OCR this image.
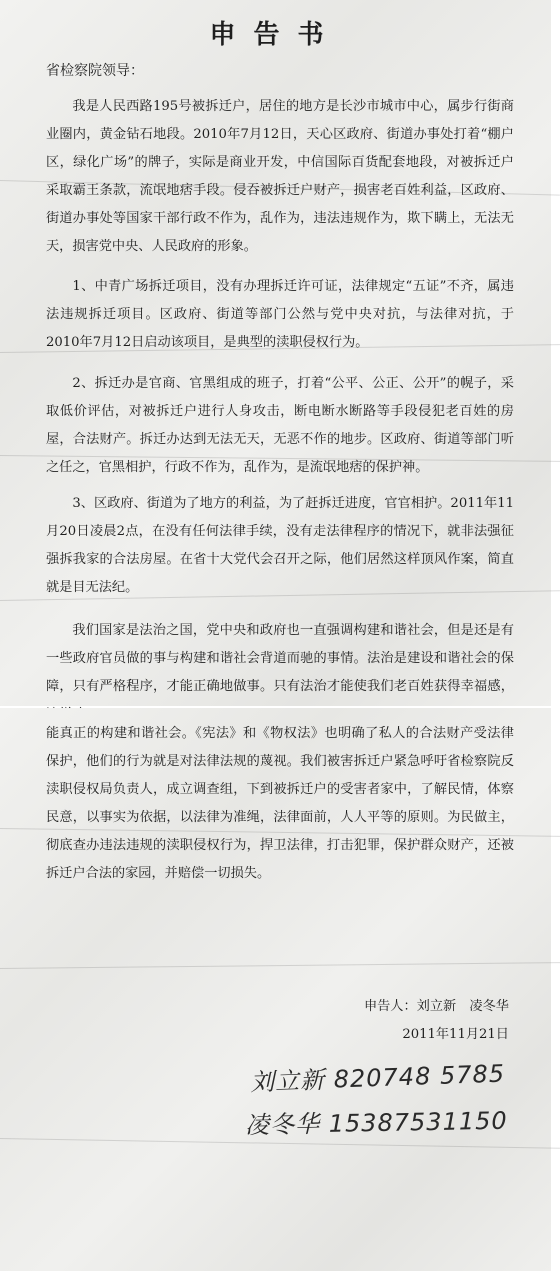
申告书
省检察院领导：

我是人民西路195号被拆迁户，居住的地方是长沙市城市中心，属步行街商业圈内，黄金钻石地段。2010年7月12日，天心区政府、街道办事处打着“棚户区，绿化广场”的牌子，实际是商业开发，中信国际百货配套地段，对被拆迁户采取霸王条款，流氓地痞手段。侵吞被拆迁户财产，损害老百姓利益，区政府、街道办事处等国家干部行政不作为，乱作为，违法违规作为，欺下瞒上，无法无天，损害党中央、人民政府的形象。

1、中青广场拆迁项目，没有办理拆迁许可证，法律规定“五证”不齐，属违法违规拆迁项目。区政府、街道等部门公然与党中央对抗，与法律对抗，于2010年7月12日启动该项目，是典型的渎职侵权行为。

2、拆迁办是官商、官黑组成的班子，打着“公平、公正、公开”的幌子，采取低价评估，对被拆迁户进行人身攻击，断电断水断路等手段侵犯老百姓的房屋，合法财产。拆迁办达到无法无天，无恶不作的地步。区政府、街道等部门听之任之，官黑相护，行政不作为，乱作为，是流氓地痞的保护神。

3、区政府、街道为了地方的利益，为了赶拆迁进度，官官相护。2011年11月20日凌晨2点，在没有任何法律手续，没有走法律程序的情况下，就非法强征强拆我家的合法房屋。在省十大党代会召开之际，他们居然这样顶风作案，简直就是目无法纪。

我们国家是法治之国，党中央和政府也一直强调构建和谐社会，但是还是有一些政府官员做的事与构建和谐社会背道而驰的事情。法治是建设和谐社会的保障，只有严格程序，才能正确地做事。只有法治才能使我们老百姓获得幸福感，

能真正的构建和谐社会。《宪法》和《物权法》也明确了私人的合法财产受法律保护，他们的行为就是对法律法规的蔑视。我们被害拆迁户紧急呼吁省检察院反渎职侵权局负责人，成立调查组，下到被拆迁户的受害者家中，了解民情，体察民意，以事实为依据，以法律为准绳，法律面前，人人平等的原则。为民做主，彻底查办违法违规的渎职侵权行为，捍卫法律，打击犯罪，保护群众财产，还被拆迁户合法的家园，并赔偿一切损失。

申告人：刘立新　凌冬华
2011年11月21日
刘立新 820748 5785
凌冬华 15387531150
